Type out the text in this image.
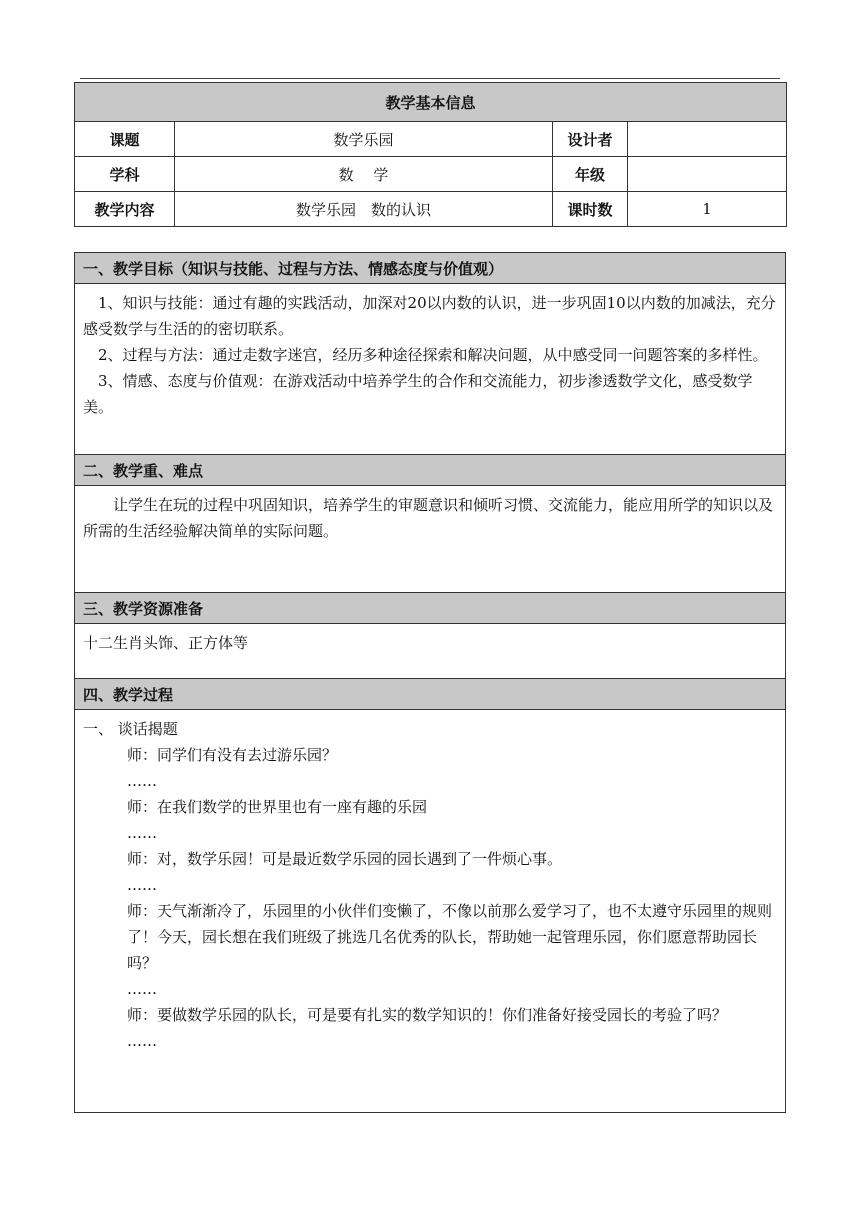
教学基本信息			
课题	数学乐园	设计者	
学科	数　 学	年级	
教学内容	数学乐园　数的认识	课时数	1
一、教学目标（知识与技能、过程与方法、情感态度与价值观）

1、知识与技能：通过有趣的实践活动，加深对20以内数的认识，进一步巩固10以内数的加减法，充分感受数学与生活的的密切联系。
2、过程与方法：通过走数字迷宫，经历多种途径探索和解决问题，从中感受同一问题答案的多样性。
3、情感、态度与价值观：在游戏活动中培养学生的合作和交流能力，初步渗透数学文化，感受数学美。

二、教学重、难点

让学生在玩的过程中巩固知识，培养学生的审题意识和倾听习惯、交流能力，能应用所学的知识以及所需的生活经验解决简单的实际问题。

三、教学资源准备

十二生肖头饰、正方体等

四、教学过程

一、 谈话揭题
师：同学们有没有去过游乐园？
……
师：在我们数学的世界里也有一座有趣的乐园
……
师：对，数学乐园！可是最近数学乐园的园长遇到了一件烦心事。
……
师：天气渐渐冷了，乐园里的小伙伴们变懒了，不像以前那么爱学习了，也不太遵守乐园里的规则了！今天，园长想在我们班级了挑选几名优秀的队长，帮助她一起管理乐园，你们愿意帮助园长吗？
……
师：要做数学乐园的队长，可是要有扎实的数学知识的！你们准备好接受园长的考验了吗？
……
